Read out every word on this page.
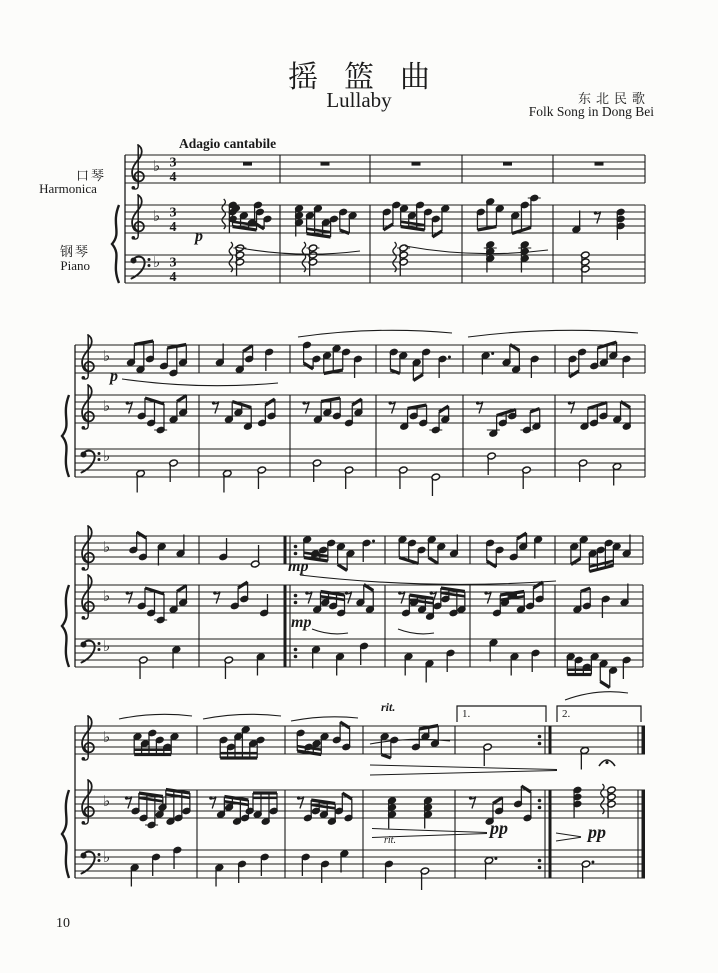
♭ 3
4
♭ 3
4
♭ 3
4
♭
♭
♭
♭
♭
♭
♭
♭
♭
摇篮曲
Lullaby	东北民歌
Folk Song in Dong Bei
Adagio cantabile
口琴
Harmonica
钢琴
Piano
p
p
mp
mp
rit.
rit.
pp	pp
1.	2.
10
